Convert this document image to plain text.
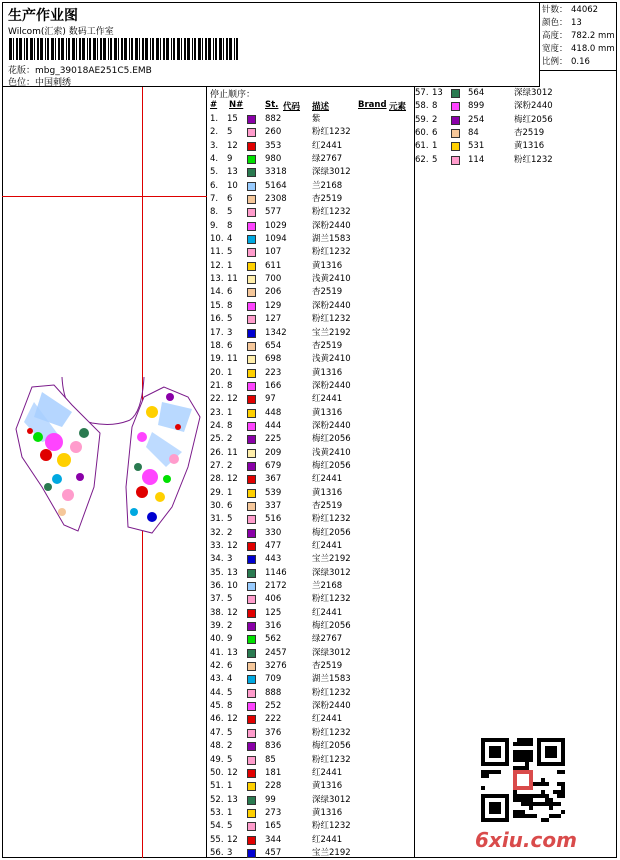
生产作业图
Wilcom(汇索) 数码工作室
花版：mbg_39018AE251C5.EMB
色位：中国刺绣
针数： 44062
颜色： 13
高度： 782.2 mm
宽度： 418.0 mm
比例： 0.16
停止顺序：
# N#	St. 代码 描述	Brand 元素
1. 15	882	紫
2. 5	260	粉红1232
3. 12	353	红2441
4. 9	980	绿2767
5. 13	3318	深绿3012
6. 10	5164	兰2168
7. 6	2308	杏2519
8. 5	577	粉红1232
9. 8	1029	深粉2440
10. 4	1094	湖兰1583
11. 5	107	粉红1232
12. 1	611	黄1316
13. 11	700	浅黄2410
14. 6	206	杏2519
15. 8	129	深粉2440
16. 5	127	粉红1232
17. 3	1342	宝兰2192
18. 6	654	杏2519
19. 11	698	浅黄2410
20. 1	223	黄1316
21. 8	166	深粉2440
22. 12	97	红2441
23. 1	448	黄1316
24. 8	444	深粉2440
25. 2	225	梅红2056
26. 11	209	浅黄2410
27. 2	679	梅红2056
28. 12	367	红2441
29. 1	539	黄1316
30. 6	337	杏2519
31. 5	516	粉红1232
32. 2	330	梅红2056
33. 12	477	红2441
34. 3	443	宝兰2192
35. 13	1146	深绿3012
36. 10	2172	兰2168
37. 5	406	粉红1232
38. 12	125	红2441
39. 2	316	梅红2056
40. 9	562	绿2767
41. 13	2457	深绿3012
42. 6	3276	杏2519
43. 4	709	湖兰1583
44. 5	888	粉红1232
45. 8	252	深粉2440
46. 12	222	红2441
47. 5	376	粉红1232
48. 2	836	梅红2056
49. 5	85	粉红1232
50. 12	181	红2441
51. 1	228	黄1316
52. 13	99	深绿3012
53. 1	273	黄1316
54. 5	165	粉红1232
55. 12	344	红2441
56. 3	457	宝兰2192
57. 13	564	深绿3012
58. 8	899	深粉2440
59. 2	254	梅红2056
60. 6	84	杏2519
61. 1	531	黄1316
62. 5	114	粉红1232
6xiu.com
